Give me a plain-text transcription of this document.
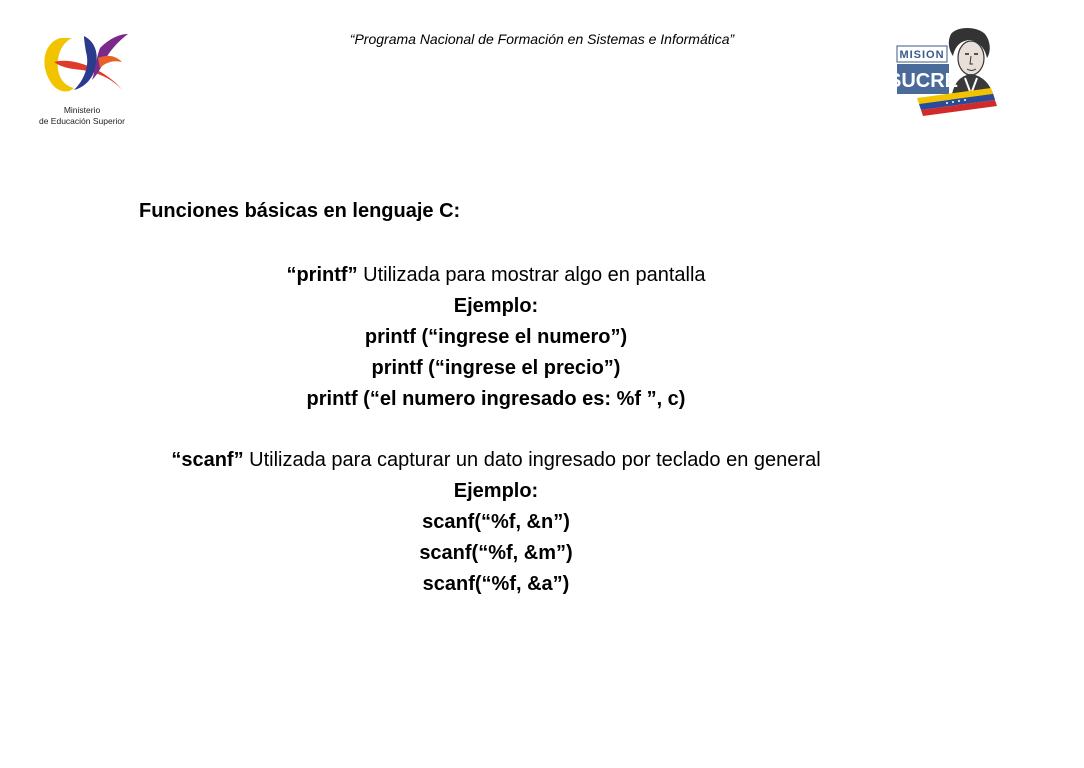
“Programa Nacional de Formación en Sistemas e Informática”
Ministerio
de Educación Superior
MISION
SUCRE
Funciones básicas en lenguaje C:
“printf” Utilizada para mostrar algo en pantalla
Ejemplo:
printf (“ingrese el numero”)
printf (“ingrese el precio”)
printf (“el numero ingresado es: %f ”, c)
“scanf” Utilizada para capturar un dato ingresado por teclado en general
Ejemplo:
scanf(“%f, &n”)
scanf(“%f, &m”)
scanf(“%f, &a”)
